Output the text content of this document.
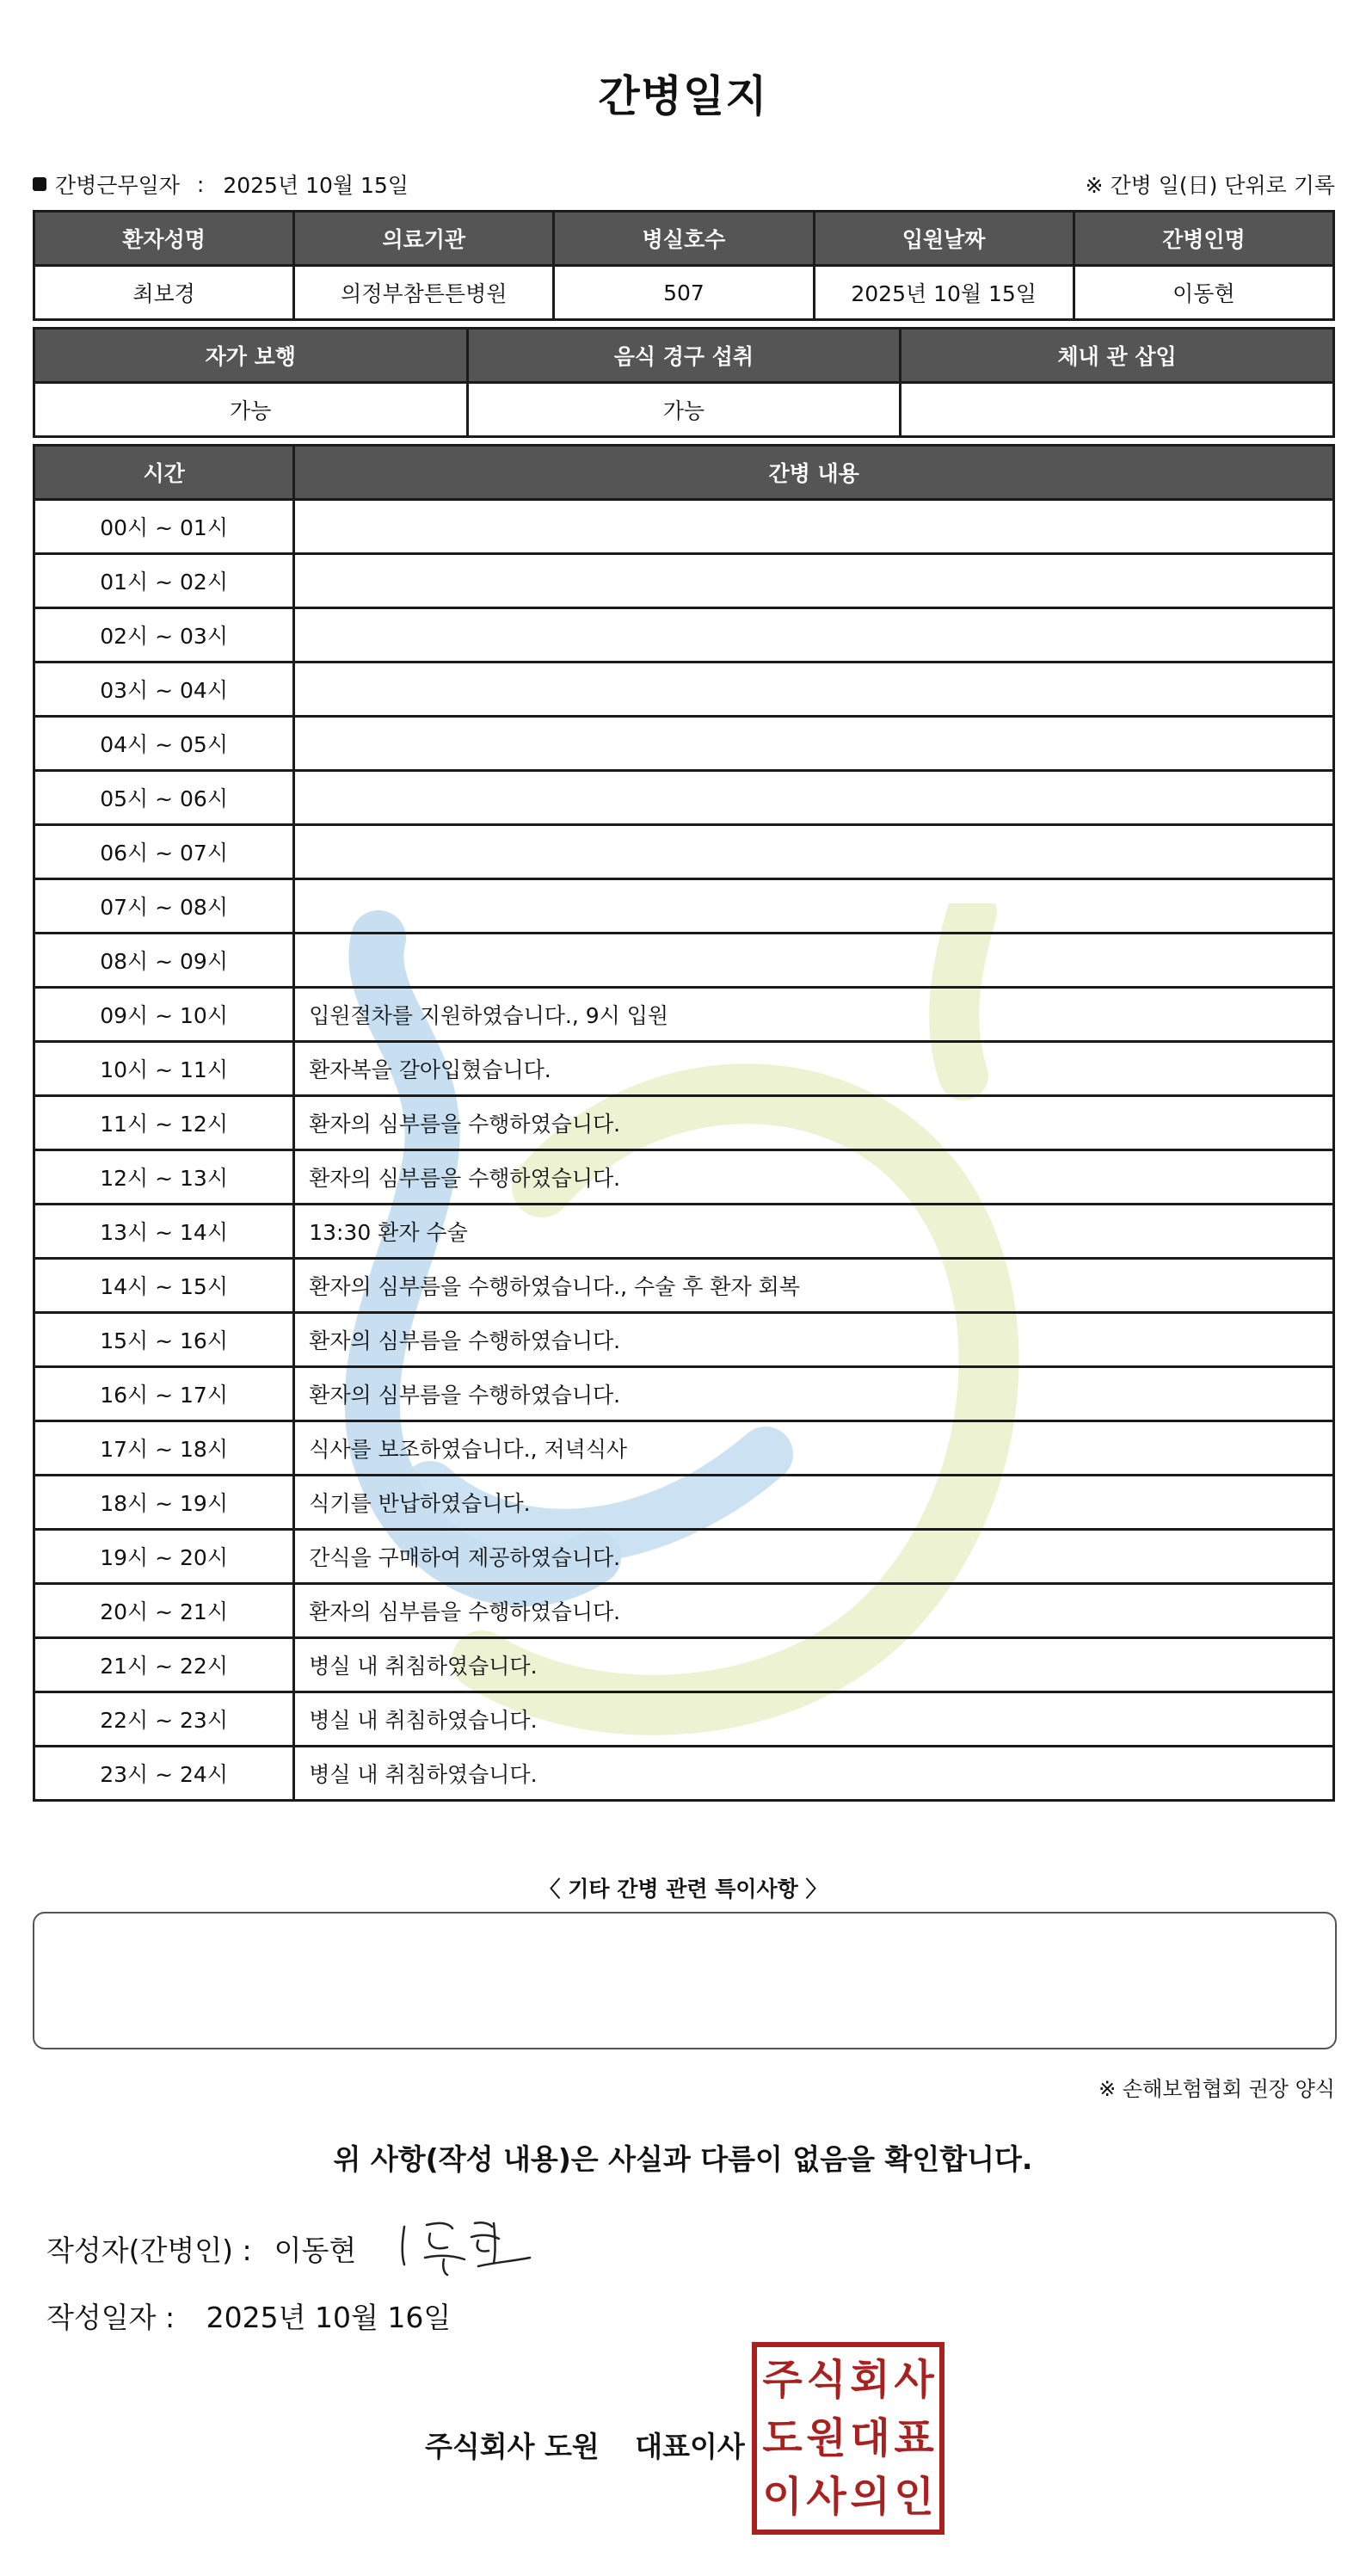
간병일지
간병근무일자 : 2025년 10월 15일	※ 간병 일(日) 단위로 기록
환자성명	의료기관	병실호수	입원날짜	간병인명
최보경	의정부참튼튼병원	507	2025년 10월 15일	이동현
자가 보행	음식 경구 섭취	체내 관 삽입
가능	가능	
시간	간병 내용
00시 ~ 01시	
01시 ~ 02시	
02시 ~ 03시	
03시 ~ 04시	
04시 ~ 05시	
05시 ~ 06시	
06시 ~ 07시	
07시 ~ 08시	
08시 ~ 09시	
09시 ~ 10시	입원절차를 지원하였습니다., 9시 입원
10시 ~ 11시	환자복을 갈아입혔습니다.
11시 ~ 12시	환자의 심부름을 수행하였습니다.
12시 ~ 13시	환자의 심부름을 수행하였습니다.
13시 ~ 14시	13:30 환자 수술
14시 ~ 15시	환자의 심부름을 수행하였습니다., 수술 후 환자 회복
15시 ~ 16시	환자의 심부름을 수행하였습니다.
16시 ~ 17시	환자의 심부름을 수행하였습니다.
17시 ~ 18시	식사를 보조하였습니다., 저녁식사
18시 ~ 19시	식기를 반납하였습니다.
19시 ~ 20시	간식을 구매하여 제공하였습니다.
20시 ~ 21시	환자의 심부름을 수행하였습니다.
21시 ~ 22시	병실 내 취침하였습니다.
22시 ~ 23시	병실 내 취침하였습니다.
23시 ~ 24시	병실 내 취침하였습니다.
〈 기타 간병 관련 특이사항 〉
※ 손해보험협회 권장 양식
위 사항(작성 내용)은 사실과 다름이 없음을 확인합니다.
작성자(간병인) : 이동현
작성일자 : 2025년 10월 16일
주식회사 도원 대표이사
주 식 회 사
도 원 대 표
이 사 의 인
